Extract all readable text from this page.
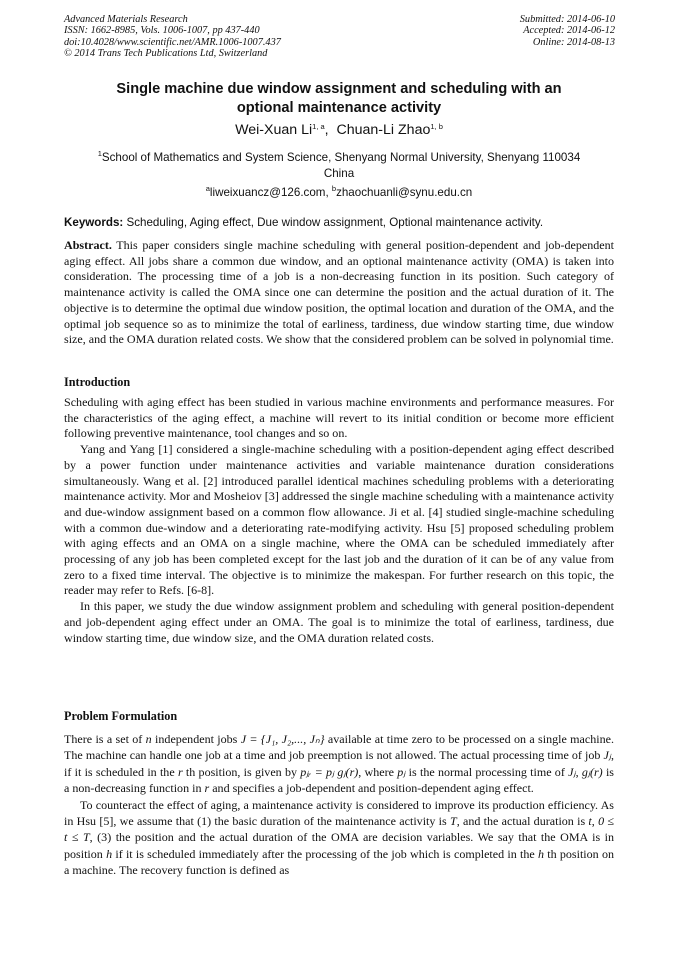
Advanced Materials Research
ISSN: 1662-8985, Vols. 1006-1007, pp 437-440
doi:10.4028/www.scientific.net/AMR.1006-1007.437
© 2014 Trans Tech Publications Ltd, Switzerland
Submitted: 2014-06-10
Accepted: 2014-06-12
Online: 2014-08-13
Single machine due window assignment and scheduling with an
optional maintenance activity
Wei-Xuan Li$^{1, a}$,  Chuan-Li Zhao$^{1, b}$
$^1$School of Mathematics and System Science, Shenyang Normal University, Shenyang 110034
China
$^a$liweixuancz@126.com, $^b$zhaochuanli@synu.edu.cn
Keywords: Scheduling, Aging effect, Due window assignment, Optional maintenance activity.

Abstract. This paper considers single machine scheduling with general position-dependent and job-dependent aging effect. All jobs share a common due window, and an optional maintenance activity (OMA) is taken into consideration. The processing time of a job is a non-decreasing function in its position. Such category of maintenance activity is called the OMA since one can determine the position and the actual duration of it. The objective is to determine the optimal due window position, the optimal location and duration of the OMA, and the optimal job sequence so as to minimize the total of earliness, tardiness, due window starting time, due window size, and the OMA duration related costs. We show that the considered problem can be solved in polynomial time.

Introduction

Scheduling with aging effect has been studied in various machine environments and performance measures. For the characteristics of the aging effect, a machine will revert to its initial condition or become more efficient following preventive maintenance, tool changes and so on.

Yang and Yang [1] considered a single-machine scheduling with a position-dependent aging effect described by a power function under maintenance activities and variable maintenance duration considerations simultaneously. Wang et al. [2] introduced parallel identical machines scheduling problems with a deteriorating maintenance activity. Mor and Mosheiov [3] addressed the single machine scheduling with a maintenance activity and due-window assignment based on a common flow allowance. Ji et al. [4] studied single-machine scheduling with a common due-window and a deteriorating rate-modifying activity. Hsu [5] proposed scheduling problem with aging effects and an OMA on a single machine, where the OMA can be scheduled immediately after processing of any job has been completed except for the last job and the duration of it can be of any value from zero to a fixed time interval. The objective is to minimize the makespan. For further research on this topic, the reader may refer to Refs. [6-8].

In this paper, we study the due window assignment problem and scheduling with general position-dependent and job-dependent aging effect under an OMA. The goal is to minimize the total of earliness, tardiness, due window starting time, due window size, and the OMA duration related costs.

Problem Formulation

There is a set of n independent jobs J = {J₁, J₂,..., Jₙ} available at time zero to be processed on a single machine. The machine can handle one job at a time and job preemption is not allowed. The actual processing time of job Jⱼ, if it is scheduled in the r th position, is given by pⱼᵣ = pⱼ gⱼ(r), where pⱼ is the normal processing time of Jⱼ, gⱼ(r) is a non-decreasing function in r and specifies a job-dependent and position-dependent aging effect.

To counteract the effect of aging, a maintenance activity is considered to improve its production efficiency. As in Hsu [5], we assume that (1) the basic duration of the maintenance activity is T, and the actual duration is t, 0 ≤ t ≤ T, (3) the position and the actual duration of the OMA are decision variables. We say that the OMA is in position h if it is scheduled immediately after the processing of the job which is completed in the h th position on a machine. The recovery function is defined as
